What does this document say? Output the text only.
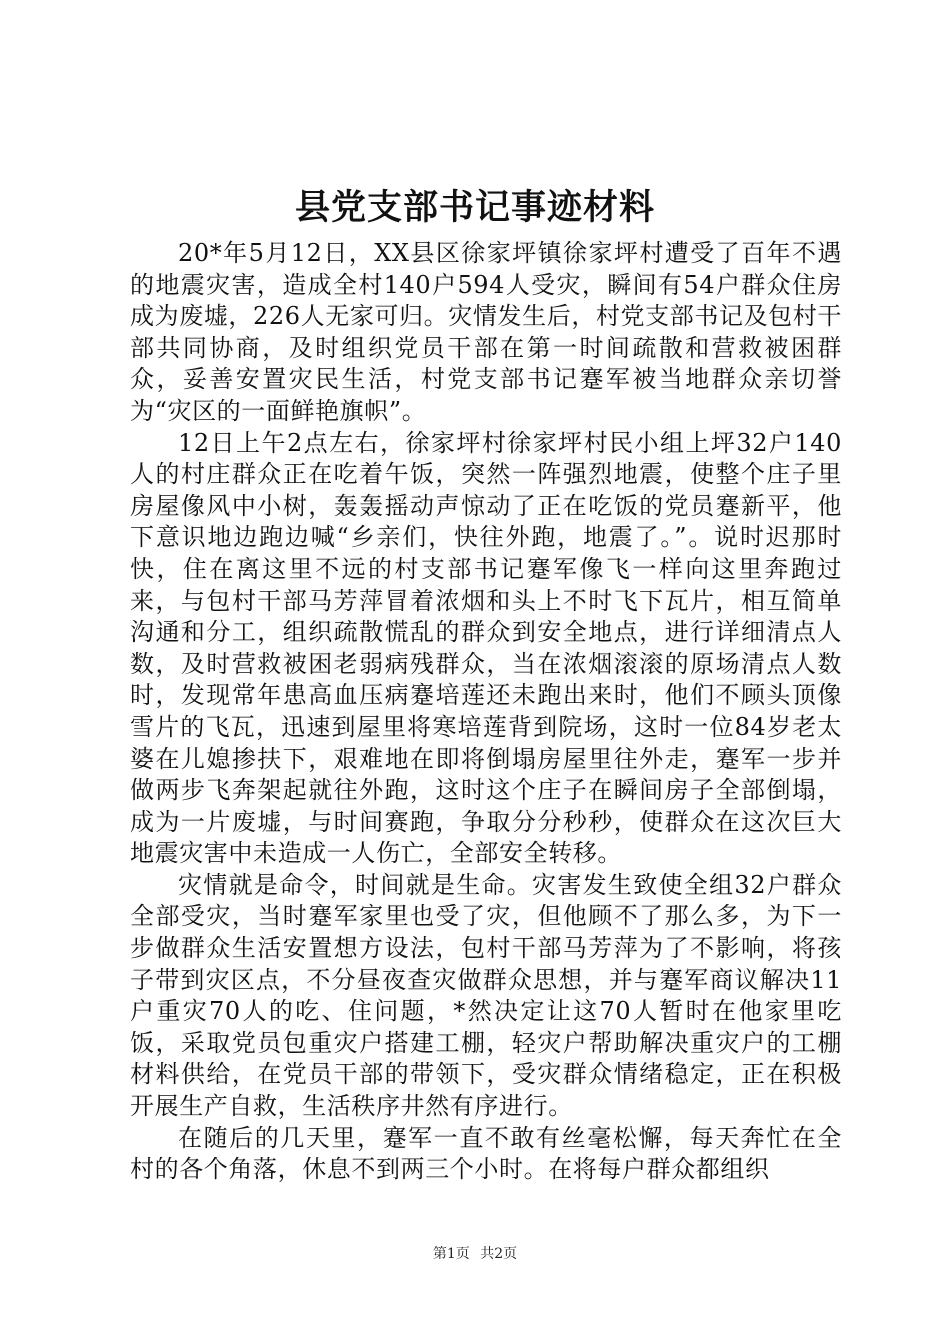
县党支部书记事迹材料

20*年5月12日，XX县区徐家坪镇徐家坪村遭受了百年不遇的地震灾害，造成全村140户594人受灾，瞬间有54户群众住房成为废墟，226人无家可归。灾情发生后，村党支部书记及包村干部共同协商，及时组织党员干部在第一时间疏散和营救被困群众，妥善安置灾民生活，村党支部书记蹇军被当地群众亲切誉为“灾区的一面鲜艳旗帜”。

12日上午2点左右，徐家坪村徐家坪村民小组上坪32户140人的村庄群众正在吃着午饭，突然一阵强烈地震，使整个庄子里房屋像风中小树，轰轰摇动声惊动了正在吃饭的党员蹇新平，他下意识地边跑边喊“乡亲们，快往外跑，地震了。”。说时迟那时快，住在离这里不远的村支部书记蹇军像飞一样向这里奔跑过来，与包村干部马芳萍冒着浓烟和头上不时飞下瓦片，相互简单沟通和分工，组织疏散慌乱的群众到安全地点，进行详细清点人数，及时营救被困老弱病残群众，当在浓烟滚滚的原场清点人数时，发现常年患高血压病蹇培莲还未跑出来时，他们不顾头顶像雪片的飞瓦，迅速到屋里将寒培莲背到院场，这时一位84岁老太婆在儿媳掺扶下，艰难地在即将倒塌房屋里往外走，蹇军一步并做两步飞奔架起就往外跑，这时这个庄子在瞬间房子全部倒塌，成为一片废墟，与时间赛跑，争取分分秒秒，使群众在这次巨大地震灾害中未造成一人伤亡，全部安全转移。

灾情就是命令，时间就是生命。灾害发生致使全组32户群众全部受灾，当时蹇军家里也受了灾，但他顾不了那么多，为下一步做群众生活安置想方设法，包村干部马芳萍为了不影响，将孩子带到灾区点，不分昼夜查灾做群众思想，并与蹇军商议解决11户重灾70人的吃、住问题，*然决定让这70人暂时在他家里吃饭，采取党员包重灾户搭建工棚，轻灾户帮助解决重灾户的工棚材料供给，在党员干部的带领下，受灾群众情绪稳定，正在积极开展生产自救，生活秩序井然有序进行。

在随后的几天里，蹇军一直不敢有丝毫松懈，每天奔忙在全村的各个角落，休息不到两三个小时。在将每户群众都组织

第1页 共2页
